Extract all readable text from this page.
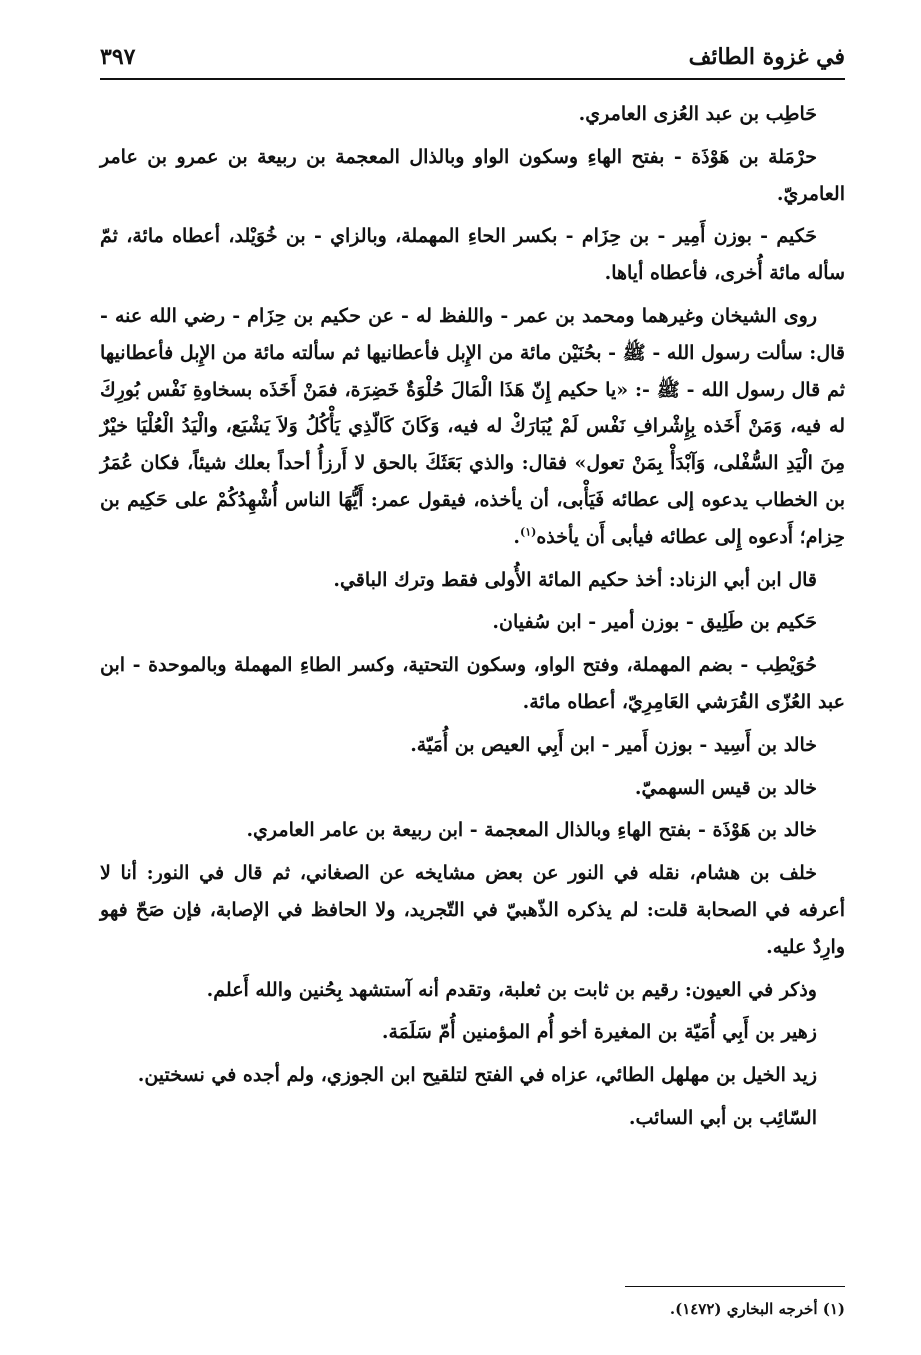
في غزوة الطائف
٣٩٧

حَاطِب بن عبد العُزى العامري.

حرْمَلة بن هَوْذَة - بفتح الهاءِ وسكون الواو وبالذال المعجمة بن ربيعة بن عمرو بن عامر العامريّ.

حَكيم - بوزن أَمِير - بن حِزَام - بكسر الحاءِ المهملة، وبالزاي - بن خُوَيْلد، أعطاه مائة، ثمّ سأله مائة أُخرى، فأعطاه أياها.

روى الشيخان وغيرهما ومحمد بن عمر - واللفظ له - عن حكيم بن حِزَام - رضي الله عنه - قال: سألت رسول الله - ﷺ - بحُنَيْن مائة من الإِبل فأعطانيها ثم سألته مائة من الإِبل فأعطانيها ثم قال رسول الله - ﷺ -: «يا حكيم إِنّ هَذَا الْمَالَ حُلْوَةٌ خَضِرَة، فمَنْ أَخَذَه بسخاوةِ نَفْس بُورِكَ له فيه، وَمَنْ أَخَذه بِإِشْرافِ نَفْس لَمْ يُبَارَكْ له فيه، وَكَانَ كَالّذِي يَأْكُلُ وَلاَ يَشْبَع، والْيَدُ الْعُلْيَا خيْرٌ مِنَ الْيَدِ السُّفْلى، وَآبْدَأْ بِمَنْ تعول» فقال: والذي بَعَثَكَ بالحق لا أَرزأُ أحداً بعلك شيئاً، فكان عُمَرُ بن الخطاب يدعوه إلى عطائه فَيَأْبى، أن يأخذه، فيقول عمر: أَيُّهَا الناس أُشْهِدُكُمْ على حَكِيم بن حِزام؛ أَدعوه إِلى عطائه فيأبى أَن يأخذه$^{(١)}$.

قال ابن أبي الزناد: أخذ حكيم المائة الأُولى فقط وترك الباقي.

حَكيم بن طَلِيق - بوزن أمير - ابن سُفيان.

حُوَيْطِب - بضم المهملة، وفتح الواو، وسكون التحتية، وكسر الطاءِ المهملة وبالموحدة - ابن عبد العُزّى القُرَشي العَامِرِيّ، أعطاه مائة.

خالد بن أَسِيد - بوزن أَمير - ابن أَبِي العيص بن أُمَيّة.

خالد بن قيس السهميّ.

خالد بن هَوْذَة - بفتح الهاءِ وبالذال المعجمة - ابن ربيعة بن عامر العامري.

خلف بن هشام، نقله في النور عن بعض مشايخه عن الصغاني، ثم قال في النور: أنا لا أعرفه في الصحابة قلت: لم يذكره الذّهبيّ في التّجريد، ولا الحافظ في الإصابة، فإن صَحّ فهو وارِدٌ عليه.

وذكر في العيون: رقيم بن ثابت بن ثعلبة، وتقدم أنه آستشهد بِحُنين والله أَعلم.

زهير بن أَبِي أُمَيّة بن المغيرة أخو أُم المؤمنين أُمّ سَلَمَة.

زيد الخيل بن مهلهل الطائي، عزاه في الفتح لتلقيح ابن الجوزي، ولم أجده في نسختين.

السّائِب بن أبي السائب.

(١) أخرجه البخاري (١٤٧٢).
